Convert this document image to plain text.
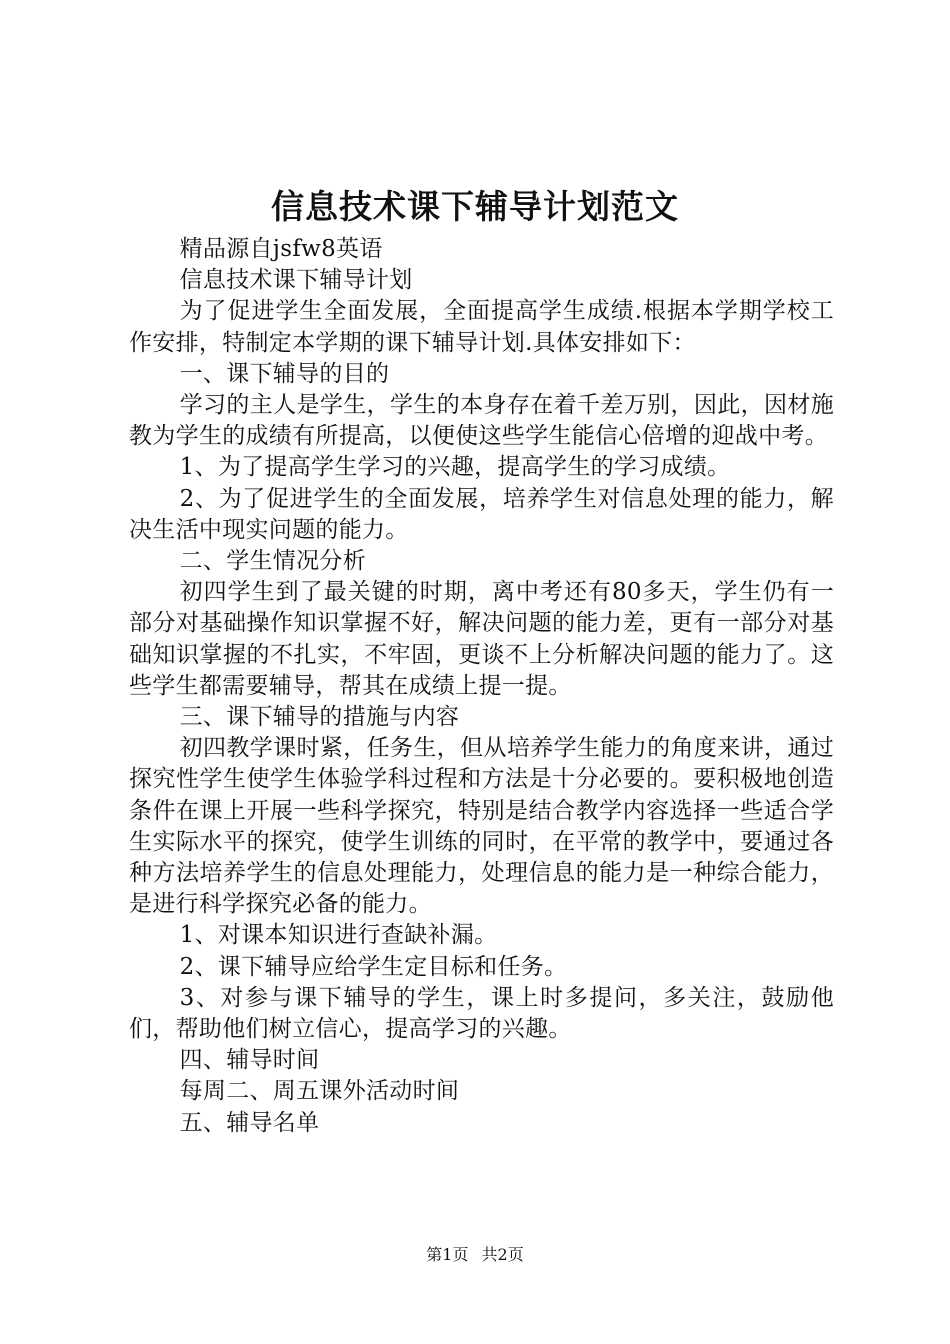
信息技术课下辅导计划范文

精品源自jsfw8英语

信息技术课下辅导计划

为了促进学生全面发展，全面提高学生成绩.根据本学期学校工作安排，特制定本学期的课下辅导计划.具体安排如下：

一、课下辅导的目的

学习的主人是学生，学生的本身存在着千差万别，因此，因材施教为学生的成绩有所提高，以便使这些学生能信心倍增的迎战中考。

1、为了提高学生学习的兴趣，提高学生的学习成绩。

2、为了促进学生的全面发展，培养学生对信息处理的能力，解决生活中现实问题的能力。

二、学生情况分析

初四学生到了最关键的时期，离中考还有80多天，学生仍有一部分对基础操作知识掌握不好，解决问题的能力差，更有一部分对基础知识掌握的不扎实，不牢固，更谈不上分析解决问题的能力了。这些学生都需要辅导，帮其在成绩上提一提。

三、课下辅导的措施与内容

初四教学课时紧，任务生，但从培养学生能力的角度来讲，通过探究性学生使学生体验学科过程和方法是十分必要的。要积极地创造条件在课上开展一些科学探究，特别是结合教学内容选择一些适合学生实际水平的探究，使学生训练的同时，在平常的教学中，要通过各种方法培养学生的信息处理能力，处理信息的能力是一种综合能力，是进行科学探究必备的能力。

1、对课本知识进行查缺补漏。

2、课下辅导应给学生定目标和任务。

3、对参与课下辅导的学生，课上时多提问，多关注，鼓励他们，帮助他们树立信心，提高学习的兴趣。

四、辅导时间

每周二、周五课外活动时间

五、辅导名单

第1页 共2页
